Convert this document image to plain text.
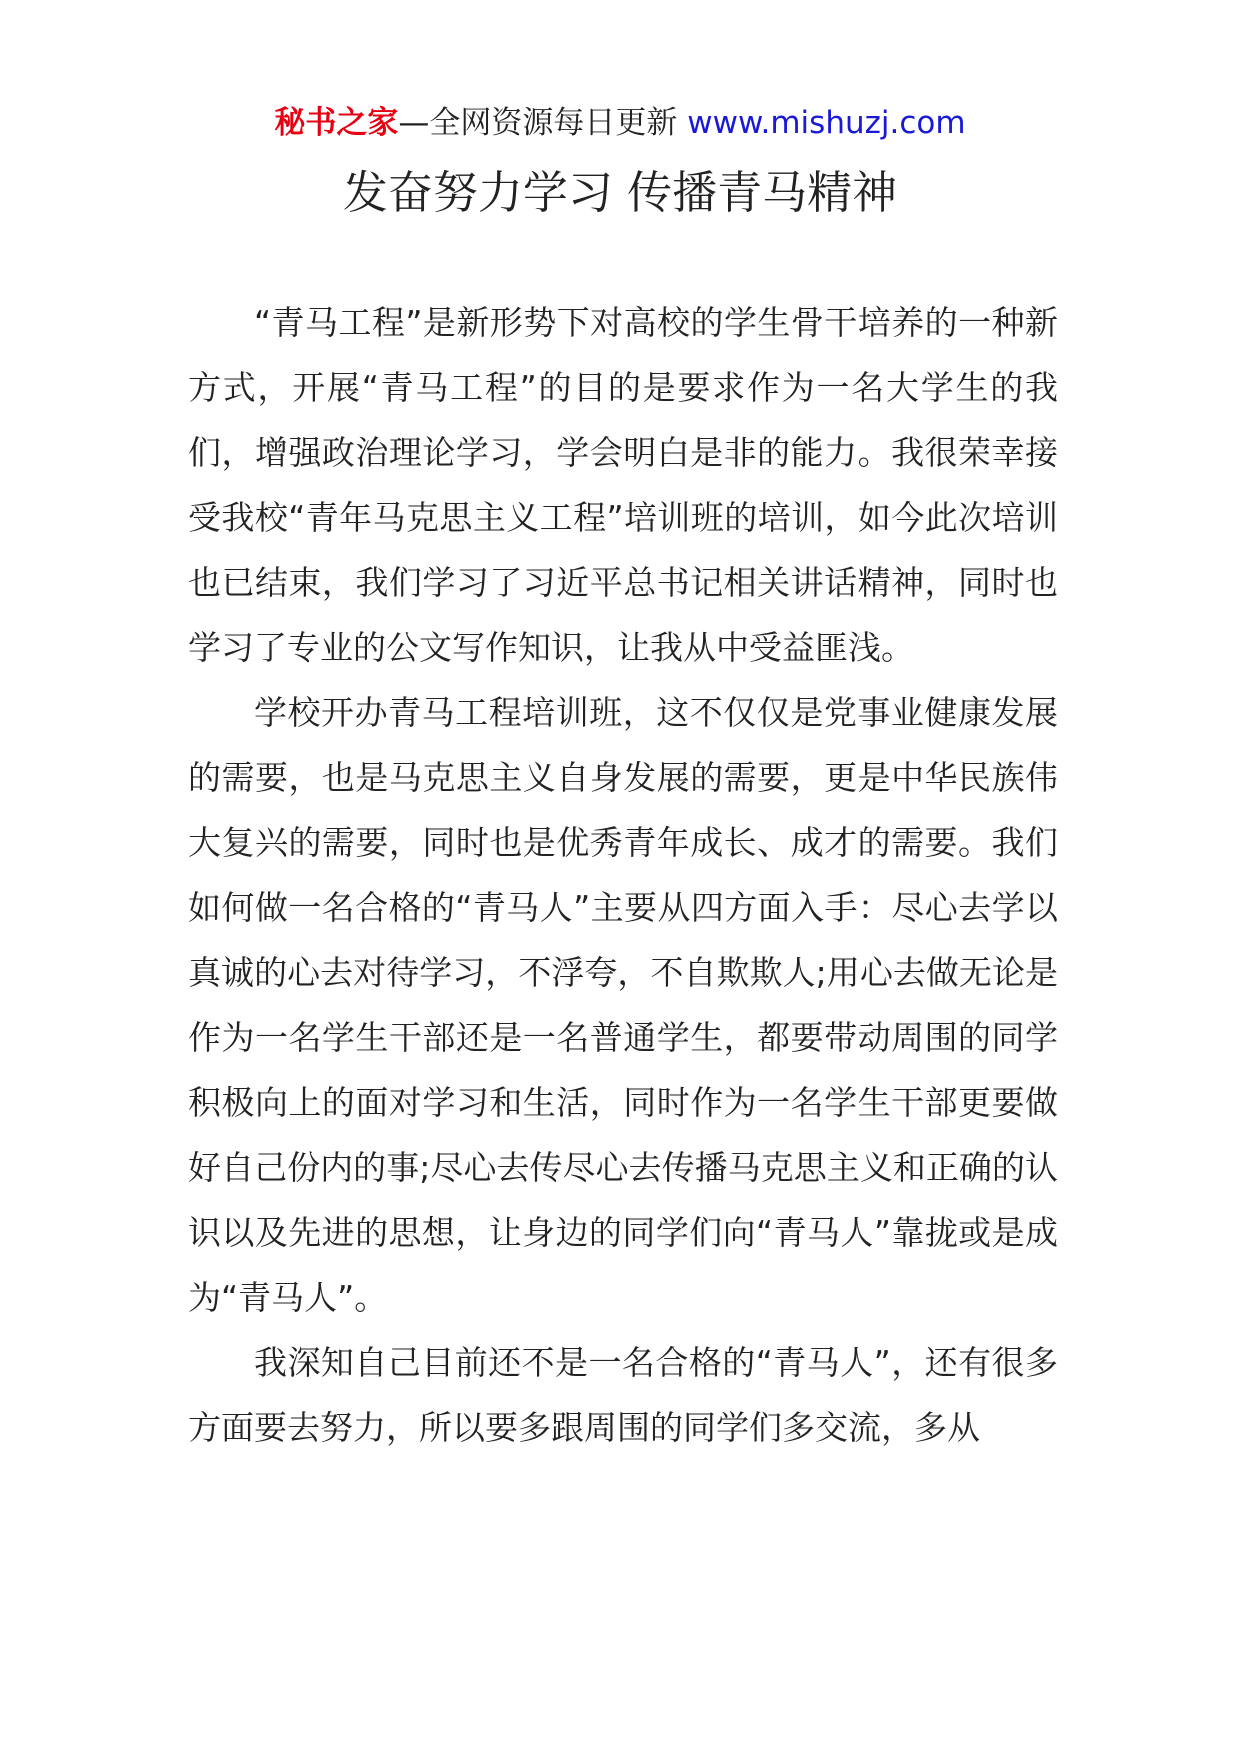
秘书之家—全网资源每日更新 www.mishuzj.com
发奋努力学习 传播青马精神

“青马工程”是新形势下对高校的学生骨干培养的一种新方式，开展“青马工程”的目的是要求作为一名大学生的我们，增强政治理论学习，学会明白是非的能力。我很荣幸接受我校“青年马克思主义工程”培训班的培训，如今此次培训也已结束，我们学习了习近平总书记相关讲话精神，同时也学习了专业的公文写作知识，让我从中受益匪浅。

学校开办青马工程培训班，这不仅仅是党事业健康发展的需要，也是马克思主义自身发展的需要，更是中华民族伟大复兴的需要，同时也是优秀青年成长、成才的需要。我们如何做一名合格的“青马人”主要从四方面入手：尽心去学以真诚的心去对待学习，不浮夸，不自欺欺人;用心去做无论是作为一名学生干部还是一名普通学生，都要带动周围的同学积极向上的面对学习和生活，同时作为一名学生干部更要做好自己份内的事;尽心去传尽心去传播马克思主义和正确的认识以及先进的思想，让身边的同学们向“青马人”靠拢或是成为“青马人”。

我深知自己目前还不是一名合格的“青马人”，还有很多方面要去努力，所以要多跟周围的同学们多交流，多从
